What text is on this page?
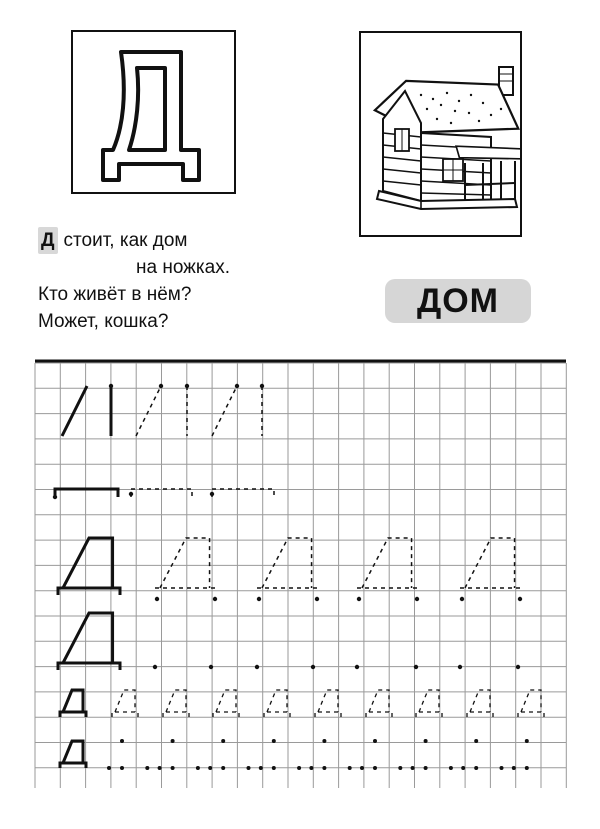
Д стоит, как дом
на ножках.
Кто живёт в нём?
Может, кошка?
ДОМ
